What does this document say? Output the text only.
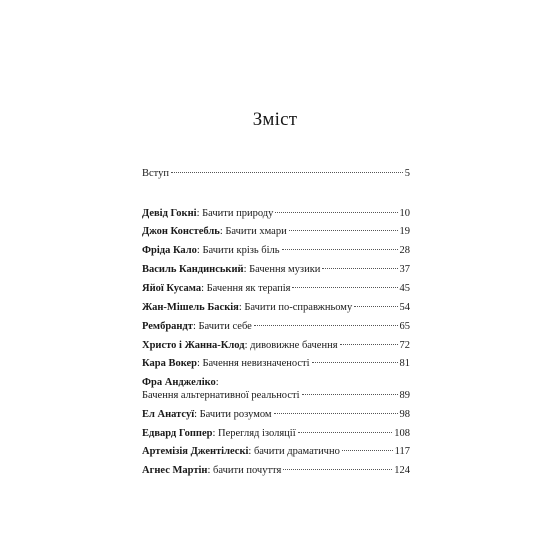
Зміст
Вступ	5
Девід Гокні: Бачити природу	10
Джон Констебль: Бачити хмари	19
Фріда Кало: Бачити крізь біль	28
Василь Кандинський: Бачення музики	37
Яйої Кусама: Бачення як терапія	45
Жан-Мішель Баскія: Бачити по-справжньому	54
Рембрандт: Бачити себе	65
Христо і Жанна-Клод: дивовижне бачення	72
Кара Вокер: Бачення невизначеності	81
Фра Анджеліко:
Бачення альтернативної реальності	89
Ел Анатсуї: Бачити розумом	98
Едвард Гоппер: Перегляд ізоляції	108
Артемізія Джентілескі: бачити драматично	117
Агнес Мартін: бачити почуття	124
